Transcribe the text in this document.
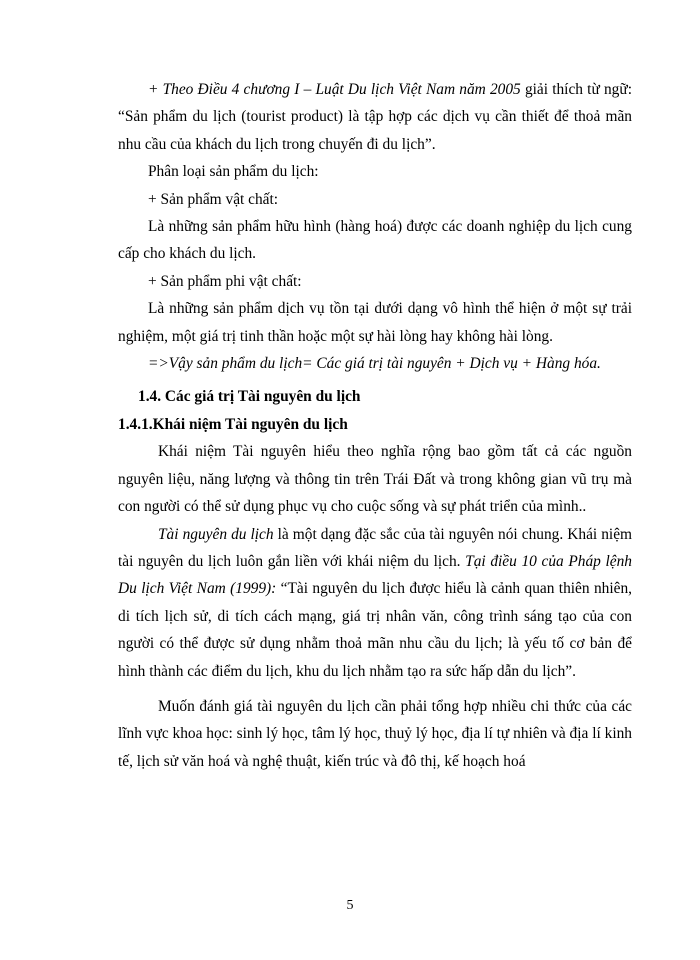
+ Theo Điều 4 chương I – Luật Du lịch Việt Nam năm 2005 giải thích từ ngữ: “Sản phẩm du lịch (tourist product) là tập hợp các dịch vụ cần thiết để thoả mãn nhu cầu của khách du lịch trong chuyến đi du lịch”.

Phân loại sản phẩm du lịch:

+ Sản phẩm vật chất:

Là những sản phẩm hữu hình (hàng hoá) được các doanh nghiệp du lịch cung cấp cho khách du lịch.

+ Sản phẩm phi vật chất:

Là những sản phẩm dịch vụ tồn tại dưới dạng vô hình thể hiện ở một sự trải nghiệm, một giá trị tinh thần hoặc một sự hài lòng hay không hài lòng.

=>Vậy sản phẩm du lịch= Các giá trị tài nguyên + Dịch vụ + Hàng hóa.

1.4. Các giá trị Tài nguyên du lịch

1.4.1.Khái niệm Tài nguyên du lịch

Khái niệm Tài nguyên hiểu theo nghĩa rộng bao gồm tất cả các nguồn nguyên liệu, năng lượng và thông tin trên Trái Đất và trong không gian vũ trụ mà con người có thể sử dụng phục vụ cho cuộc sống và sự phát triển của mình..

Tài nguyên du lịch là một dạng đặc sắc của tài nguyên nói chung. Khái niệm tài nguyên du lịch luôn gắn liền với khái niệm du lịch. Tại điều 10 của Pháp lệnh Du lịch Việt Nam (1999): “Tài nguyên du lịch được hiểu là cảnh quan thiên nhiên, di tích lịch sử, di tích cách mạng, giá trị nhân văn, công trình sáng tạo của con người có thể được sử dụng nhằm thoả mãn nhu cầu du lịch; là yếu tố cơ bản để hình thành các điểm du lịch, khu du lịch nhằm tạo ra sức hấp dẫn du lịch”.

Muốn đánh giá tài nguyên du lịch cần phải tổng hợp nhiều chi thức của các lĩnh vực khoa học: sinh lý học, tâm lý học, thuỷ lý học, địa lí tự nhiên và địa lí kinh tế, lịch sử văn hoá và nghệ thuật, kiến trúc và đô thị, kế hoạch hoá

5
